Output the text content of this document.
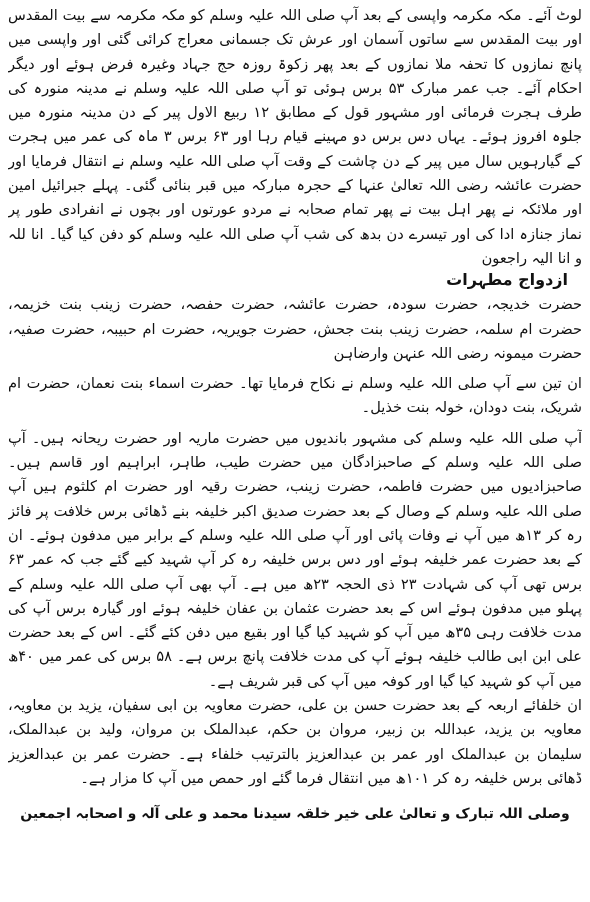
لوٹ آئے۔ مکہ مکرمہ واپسی کے بعد آپ صلی اللہ علیہ وسلم کو مکہ مکرمہ سے بیت المقدس اور بیت المقدس سے ساتوں آسمان اور عرش تک جسمانی معراج کرائی گئی اور واپسی میں پانچ نمازوں کا تحفہ ملا نمازوں کے بعد پھر زکوۃ روزہ حج جہاد وغیرہ فرض ہوئے اور دیگر احکام آئے۔ جب عمر مبارک ۵۳ برس ہوئی تو آپ صلی اللہ علیہ وسلم نے مدینہ منورہ کی طرف ہجرت فرمائی اور مشہور قول کے مطابق ۱۲ ربیع الاول پیر کے دن مدینہ منورہ میں جلوہ افروز ہوئے۔ یہاں دس برس دو مہینے قیام رہا اور ۶۳ برس ۳ ماہ کی عمر میں ہجرت کے گیارہویں سال میں پیر کے دن چاشت کے وقت آپ صلی اللہ علیہ وسلم نے انتقال فرمایا اور حضرت عائشہ رضی اللہ تعالیٰ عنہا کے حجرہ مبارکہ میں قبر بنائی گئی۔ پہلے جبرائیل امین اور ملائکہ نے پھر اہل بیت نے پھر تمام صحابہ نے مردو عورتوں اور بچوں نے انفرادی طور پر نماز جنازہ ادا کی اور تیسرے دن بدھ کی شب آپ صلی اللہ علیہ وسلم کو دفن کیا گیا۔ انا للہ و انا الیہ راجعون

ازدواج مطہرات

حضرت خدیجہ، حضرت سودہ، حضرت عائشہ، حضرت حفصہ، حضرت زینب بنت خزیمہ، حضرت ام سلمہ، حضرت زینب بنت جحش، حضرت جویریہ، حضرت ام حبیبہ، حضرت صفیہ، حضرت میمونہ رضی اللہ عنہن وارضاہن

ان تین سے آپ صلی اللہ علیہ وسلم نے نکاح فرمایا تھا۔ حضرت اسماء بنت نعمان، حضرت ام شریک، بنت دودان، خولہ بنت خذیل۔

آپ صلی اللہ علیہ وسلم کی مشہور باندیوں میں حضرت ماریہ اور حضرت ریحانہ ہیں۔ آپ صلی اللہ علیہ وسلم کے صاحبزادگان میں حضرت طیب، طاہر، ابراہیم اور قاسم ہیں۔ صاحبزادیوں میں حضرت فاطمہ، حضرت زینب، حضرت رقیہ اور حضرت ام کلثوم ہیں آپ صلی اللہ علیہ وسلم کے وصال کے بعد حضرت صدیق اکبر خلیفہ بنے ڈھائی برس خلافت پر فائز رہ کر ۱۳ھ میں آپ نے وفات پائی اور آپ صلی اللہ علیہ وسلم کے برابر میں مدفون ہوئے۔ ان کے بعد حضرت عمر خلیفہ ہوئے اور دس برس خلیفہ رہ کر آپ شہید کیے گئے جب کہ عمر ۶۳ برس تھی آپ کی شہادت ۲۳ ذی الحجہ ۲۳ھ میں ہے۔ آپ بھی آپ صلی اللہ علیہ وسلم کے پہلو میں مدفون ہوئے اس کے بعد حضرت عثمان بن عفان خلیفہ ہوئے اور گیارہ برس آپ کی مدت خلافت رہی ۳۵ھ میں آپ کو شہید کیا گیا اور بقیع میں دفن کئے گئے۔ اس کے بعد حضرت علی ابن ابی طالب خلیفہ ہوئے آپ کی مدت خلافت پانچ برس ہے۔ ۵۸ برس کی عمر میں ۴۰ھ میں آپ کو شہید کیا گیا اور کوفہ میں آپ کی قبر شریف ہے۔

ان خلفائے اربعہ کے بعد حضرت حسن بن علی، حضرت معاویہ بن ابی سفیان، یزید بن معاویہ، معاویہ بن یزید، عبداللہ بن زبیر، مروان بن حکم، عبدالملک بن مروان، ولید بن عبدالملک، سلیمان بن عبدالملک اور عمر بن عبدالعزیز بالترتیب خلفاء ہے۔ حضرت عمر بن عبدالعزیز ڈھائی برس خلیفہ رہ کر ۱۰۱ھ میں انتقال فرما گئے اور حمص میں آپ کا مزار ہے۔

وصلی اللہ تبارک و تعالیٰ علی خیر خلقہ سیدنا محمد و علی آلہ و اصحابہ اجمعین
